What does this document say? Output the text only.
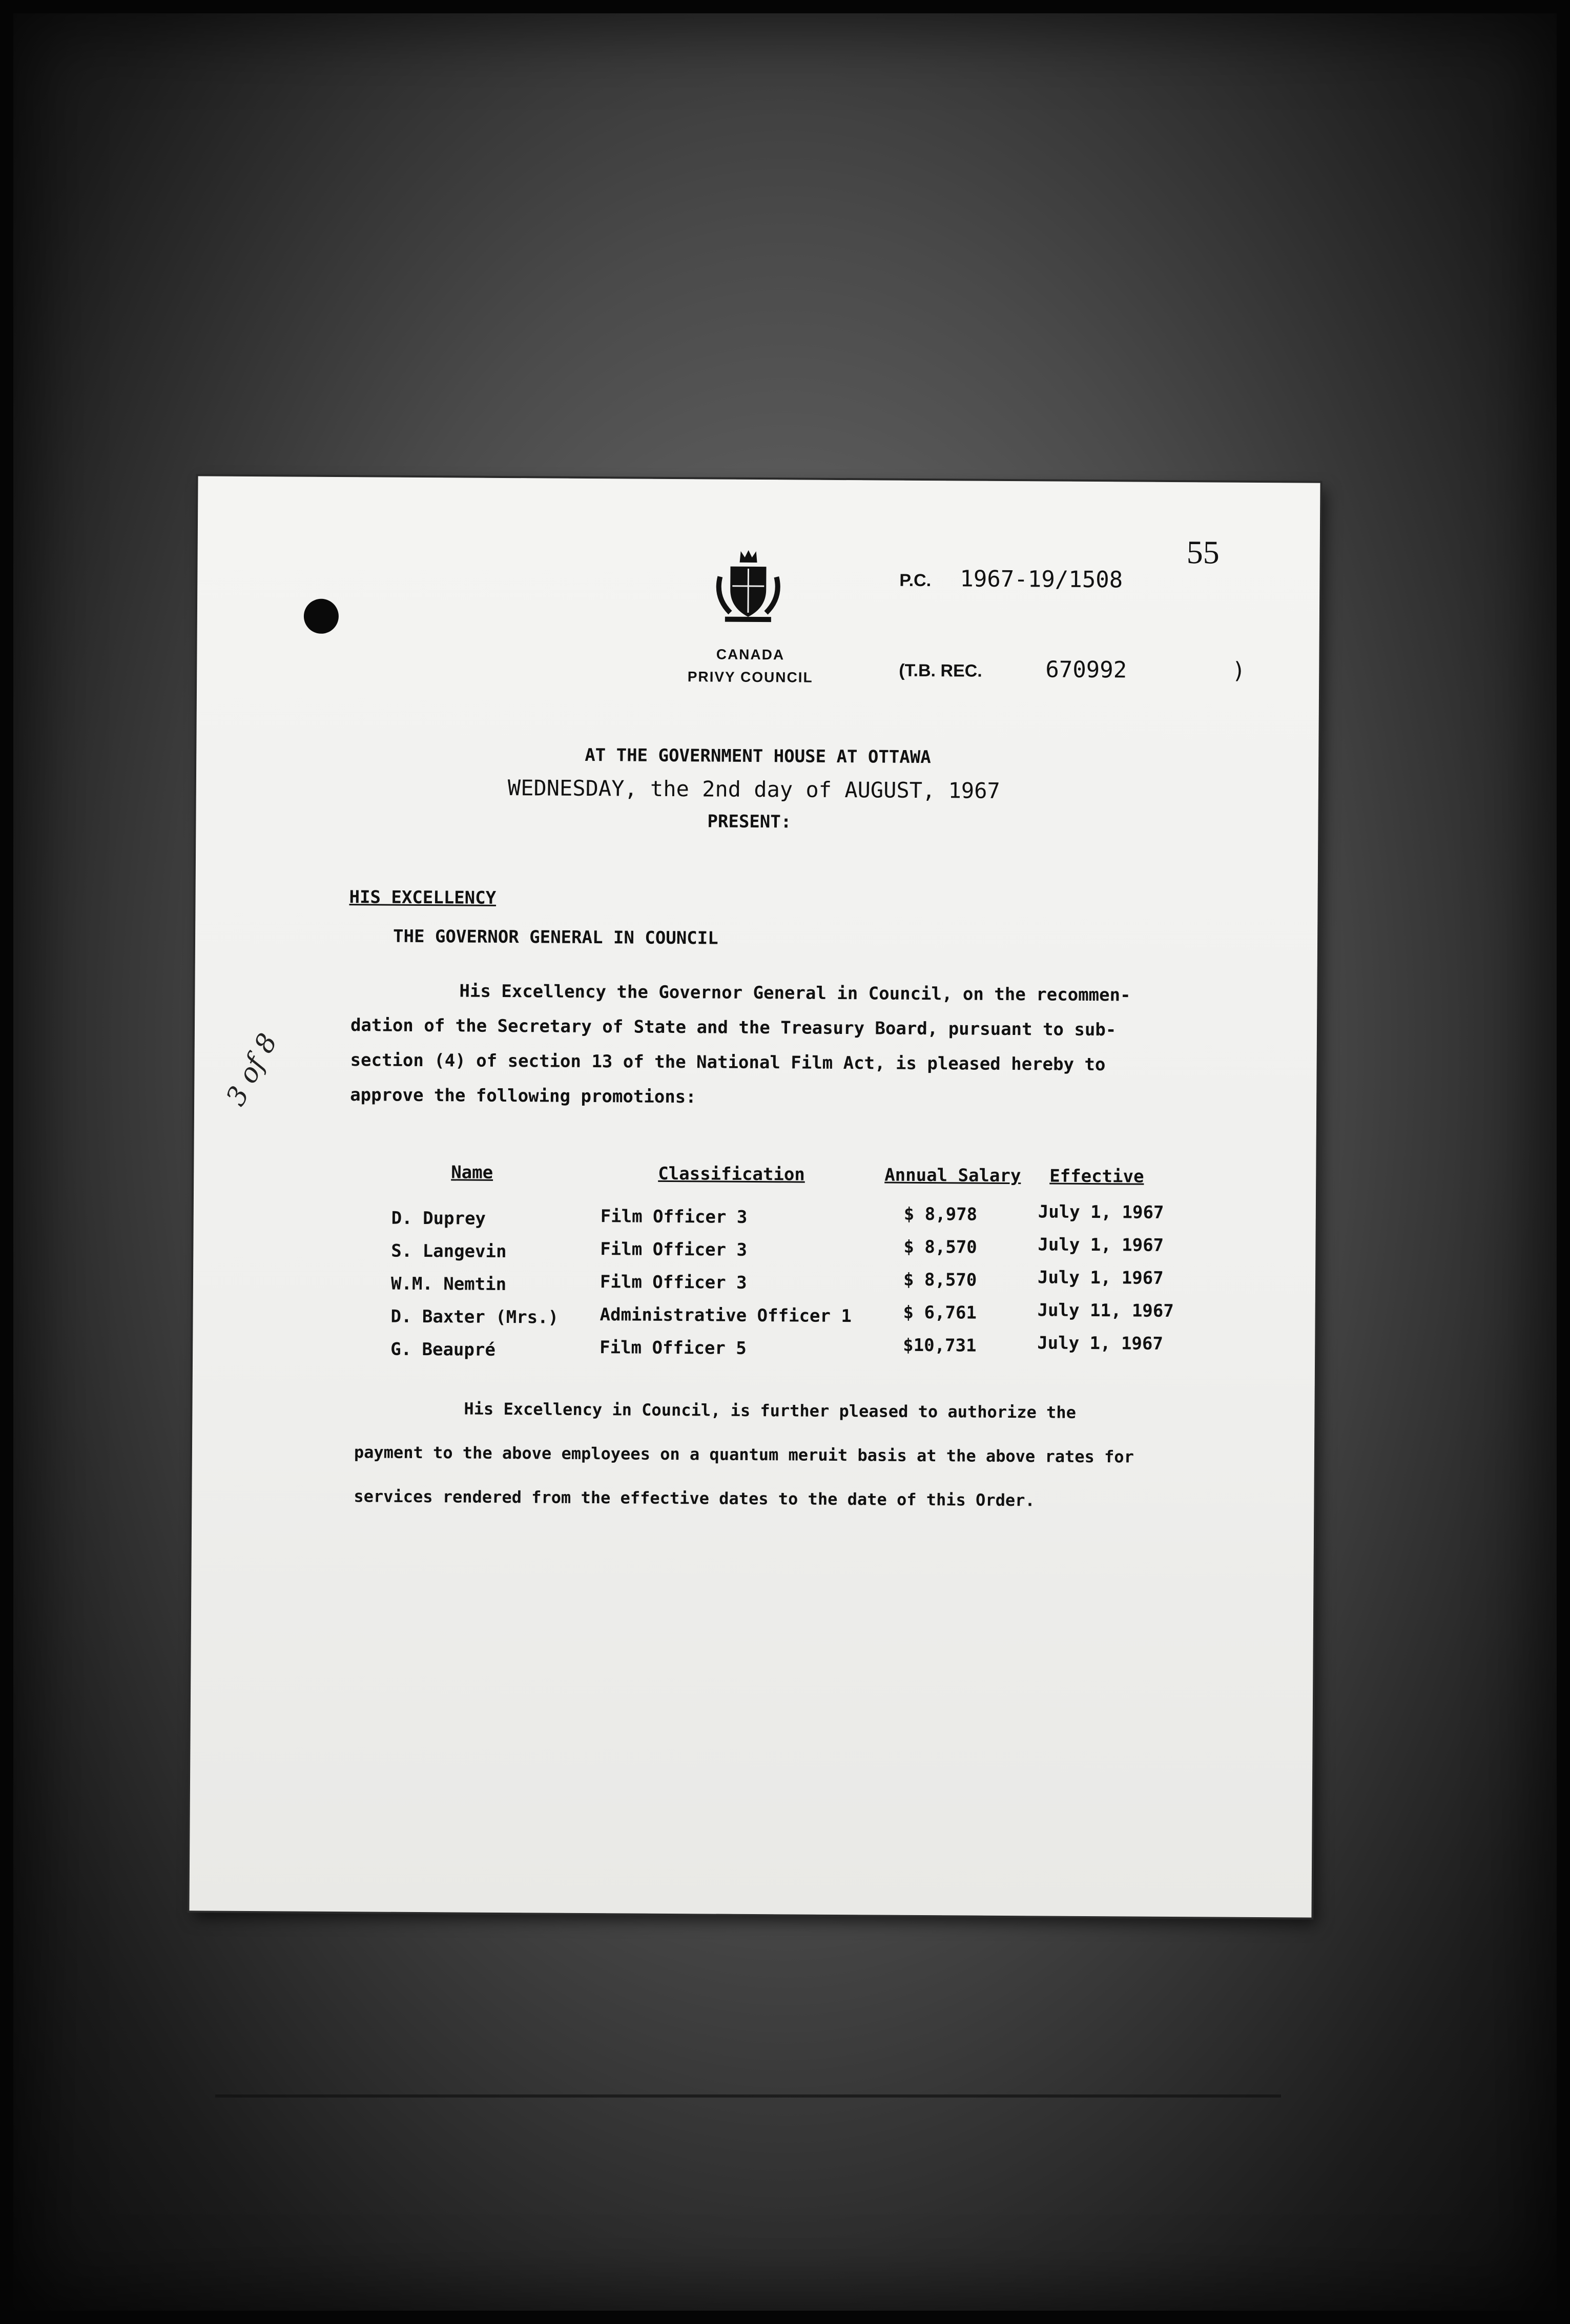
55
CANADA
PRIVY COUNCIL
P.C. 1967-19/1508
(T.B. REC.	670992	)
AT THE GOVERNMENT HOUSE AT OTTAWA
WEDNESDAY, the 2nd day of AUGUST, 1967
PRESENT:
HIS EXCELLENCY
THE GOVERNOR GENERAL IN COUNCIL
His Excellency the Governor General in Council, on the recommen-
dation of the Secretary of State and the Treasury Board, pursuant to sub-
section (4) of section 13 of the National Film Act, is pleased hereby to
approve the following promotions:
Name	Classification	Annual Salary Effective
D. Duprey	Film Officer 3	$ 8,978	July 1, 1967
S. Langevin	Film Officer 3	$ 8,570	July 1, 1967
W.M. Nemtin	Film Officer 3	$ 8,570	July 1, 1967
D. Baxter (Mrs.) Administrative Officer 1	$ 6,761	July 11, 1967
G. Beaupré	Film Officer 5	$10,731	July 1, 1967
His Excellency in Council, is further pleased to authorize the
payment to the above employees on a quantum meruit basis at the above rates for
services rendered from the effective dates to the date of this Order.
3 of 8
